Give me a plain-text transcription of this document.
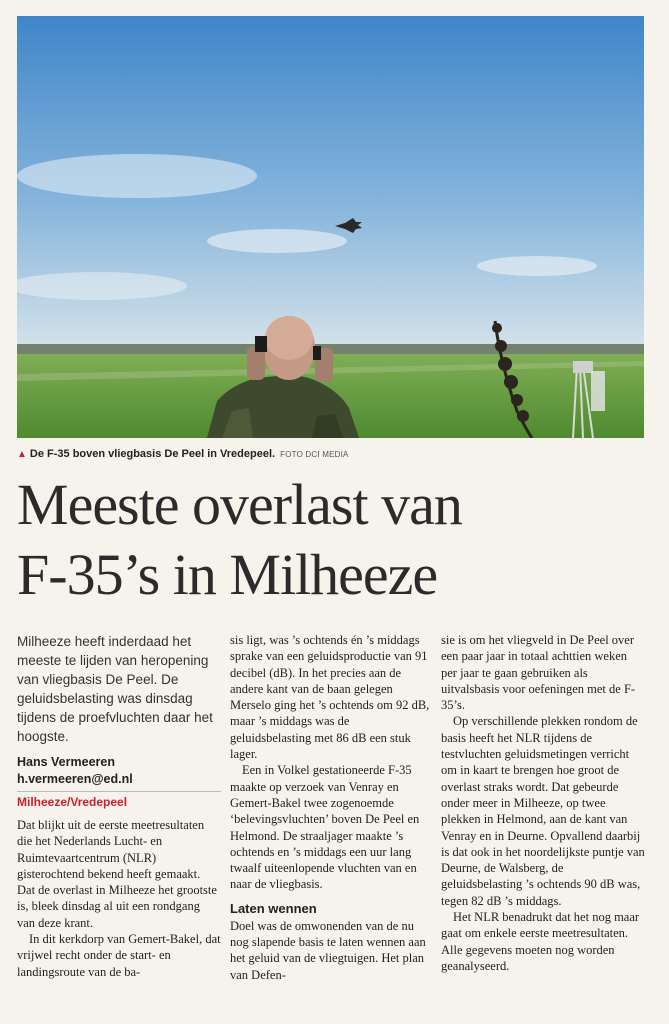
▲ De F-35 boven vliegbasis De Peel in Vredepeel. FOTO DCI MEDIA
Meeste overlast van
F-35’s in Milheeze

Milheeze heeft inderdaad het meeste te lijden van heropening van vliegbasis De Peel. De geluidsbelasting was dinsdag tijdens de proefvluchten daar het hoogste.

Hans Vermeeren

h.vermeeren@ed.nl

Milheeze/Vredepeel

Dat blijkt uit de eerste meetresultaten die het Nederlands Lucht- en Ruimtevaartcentrum (NLR) gisterochtend bekend heeft gemaakt. Dat de overlast in Milheeze het grootste is, bleek dinsdag al uit een rondgang van deze krant.

In dit kerkdorp van Gemert-Bakel, dat vrijwel recht onder de start- en landingsroute van de ba-

sis ligt, was ’s ochtends én ’s middags sprake van een geluidsproductie van 91 decibel (dB). In het precies aan de andere kant van de baan gelegen Merselo ging het ’s ochtends om 92 dB, maar ’s middags was de geluidsbelasting met 86 dB een stuk lager.

Een in Volkel gestationeerde F-35 maakte op verzoek van Venray en Gemert-Bakel twee zogenoemde ‘belevingsvluchten’ boven De Peel en Helmond. De straaljager maakte ’s ochtends en ’s middags een uur lang twaalf uiteenlopende vluchten van en naar de vliegbasis.

Laten wennen

Doel was de omwonenden van de nu nog slapende basis te laten wennen aan het geluid van de vliegtuigen. Het plan van Defen-

sie is om het vliegveld in De Peel over een paar jaar in totaal achttien weken per jaar te gaan gebruiken als uitvalsbasis voor oefeningen met de F-35’s.

Op verschillende plekken rondom de basis heeft het NLR tijdens de testvluchten geluidsmetingen verricht om in kaart te brengen hoe groot de overlast straks wordt. Dat gebeurde onder meer in Milheeze, op twee plekken in Helmond, aan de kant van Venray en in Deurne. Opvallend daarbij is dat ook in het noordelijkste puntje van Deurne, de Walsberg, de geluidsbelasting ’s ochtends 90 dB was, tegen 82 dB ’s middags.

Het NLR benadrukt dat het nog maar gaat om enkele eerste meetresultaten. Alle gegevens moeten nog worden geanalyseerd.
